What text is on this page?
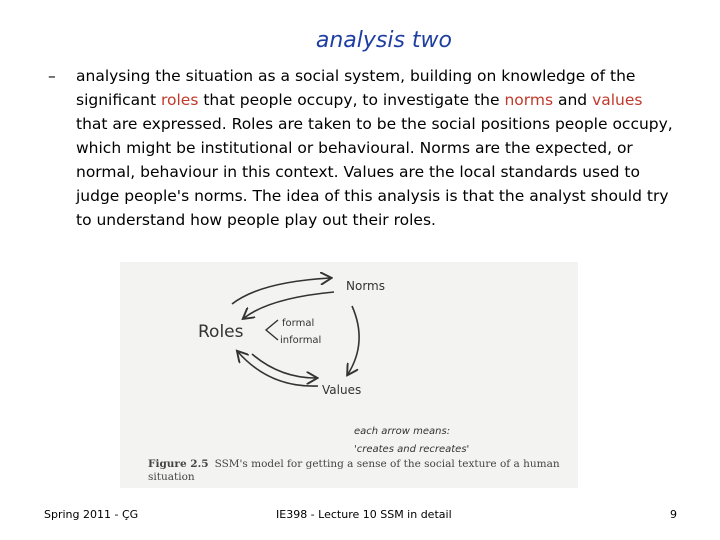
analysis two
– analysing the situation as a social system, building on knowledge of the significant roles that people occupy, to investigate the norms and values that are expressed. Roles are taken to be the social positions people occupy, which might be institutional or behavioural. Norms are the expected, or normal, behaviour in this context. Values are the local standards used to judge people's norms. The idea of this analysis is that the analyst should try to understand how people play out their roles.
Roles	formal
informal
Norms
Values
each arrow means:
'creates and recreates'
Figure 2.5 SSM's model for getting a sense of the social texture of a human situation
Spring 2011 - ÇG	IE398 - Lecture 10 SSM in detail	9
